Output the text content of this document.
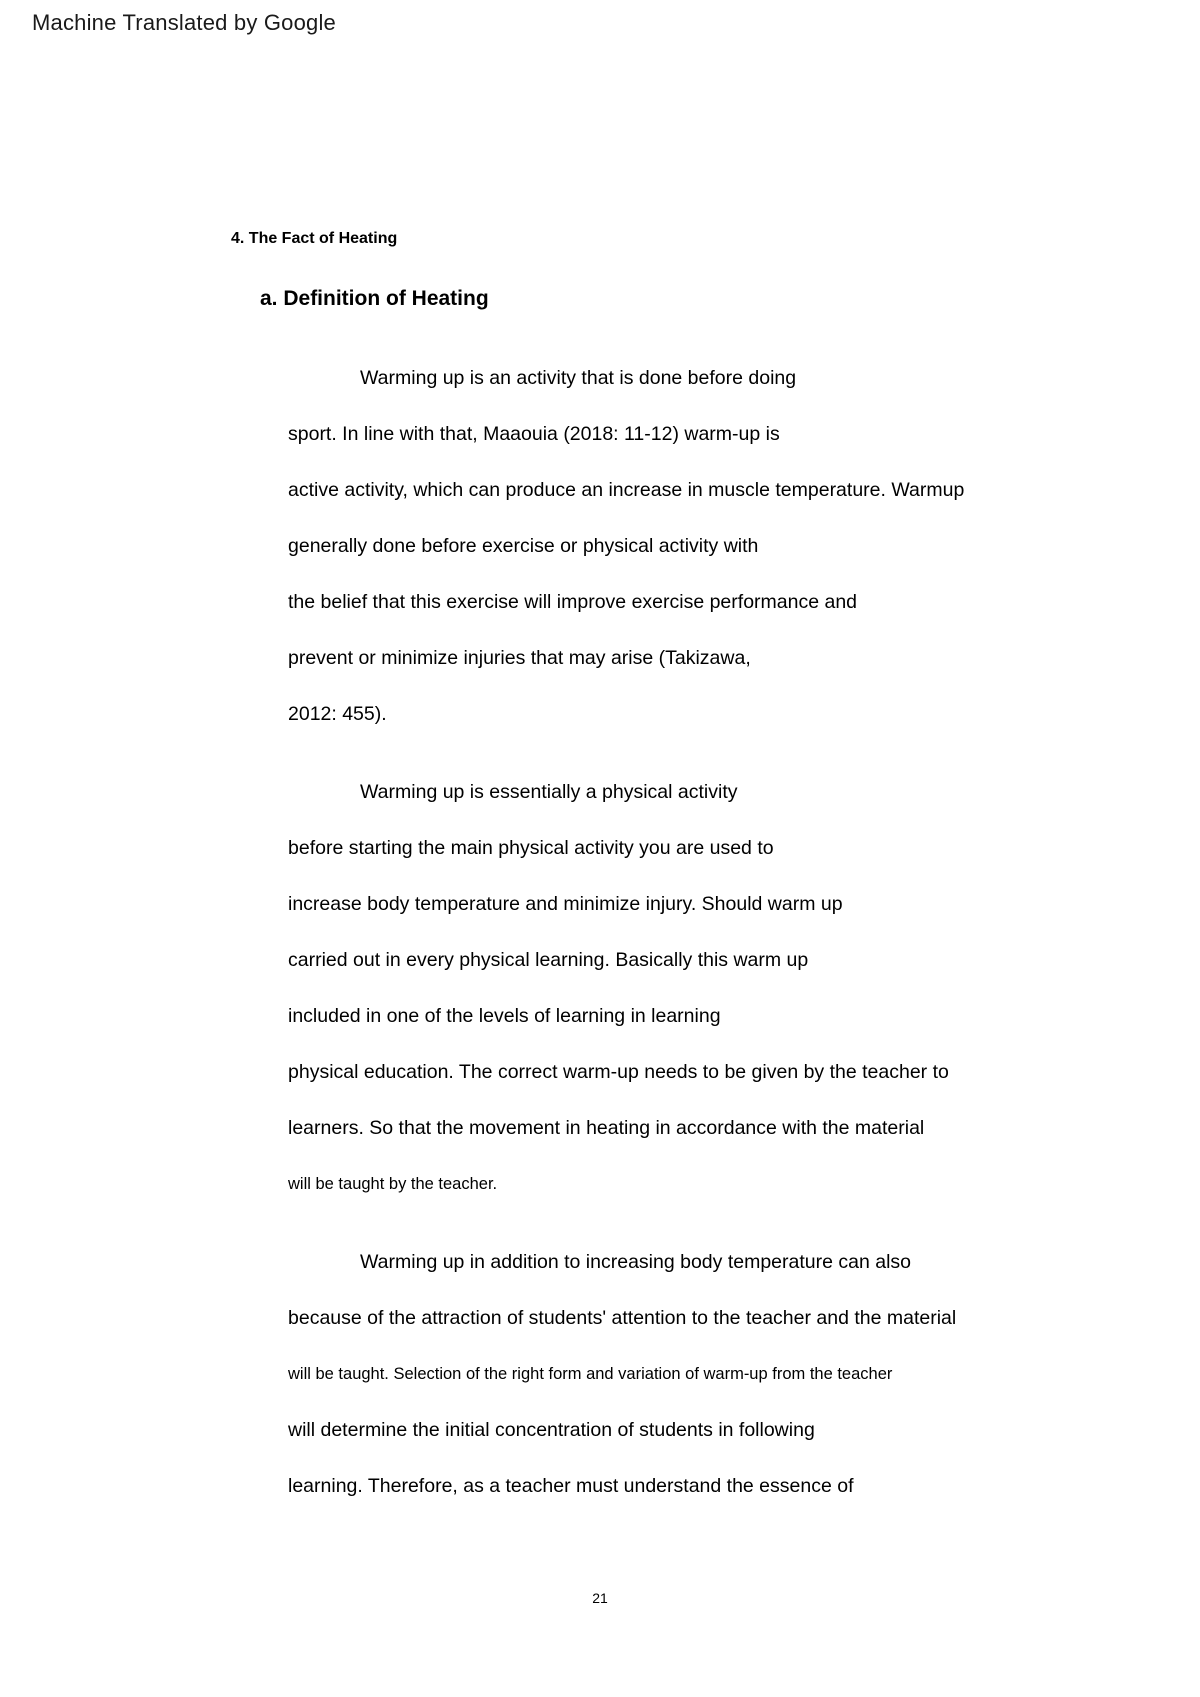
Machine Translated by Google
4. The Fact of Heating
a. Definition of Heating
Warming up is an activity that is done before doing
sport. In line with that, Maaouia (2018: 11-12) warm-up is
active activity, which can produce an increase in muscle temperature. Warmup
generally done before exercise or physical activity with
the belief that this exercise will improve exercise performance and
prevent or minimize injuries that may arise (Takizawa,
2012: 455).
Warming up is essentially a physical activity
before starting the main physical activity you are used to
increase body temperature and minimize injury. Should warm up
carried out in every physical learning. Basically this warm up
included in one of the levels of learning in learning
physical education. The correct warm-up needs to be given by the teacher to
learners. So that the movement in heating in accordance with the material
will be taught by the teacher.
Warming up in addition to increasing body temperature can also
because of the attraction of students' attention to the teacher and the material
will be taught. Selection of the right form and variation of warm-up from the teacher
will determine the initial concentration of students in following
learning. Therefore, as a teacher must understand the essence of
21
